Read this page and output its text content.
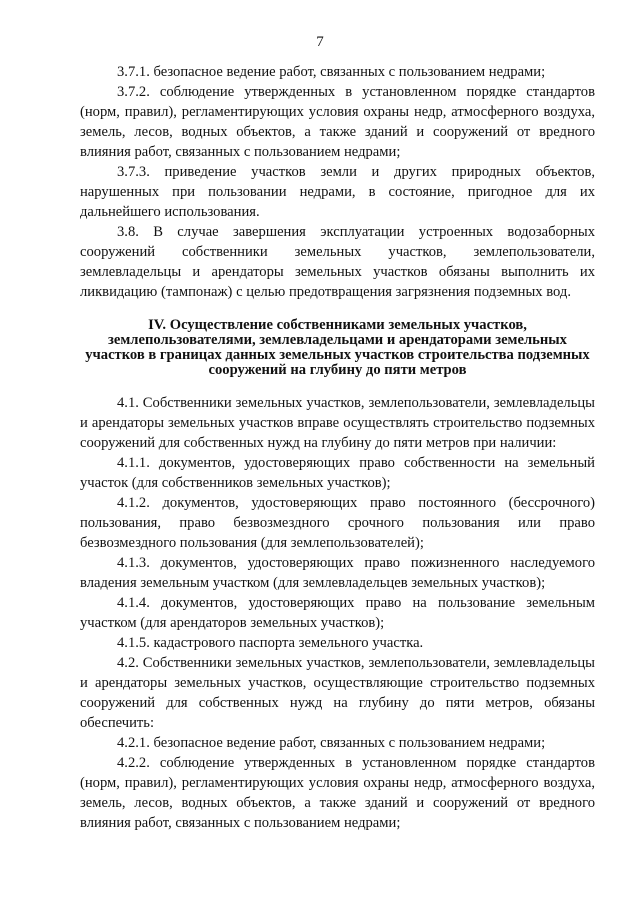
7

3.7.1. безопасное ведение работ, связанных с пользованием недрами;

3.7.2. соблюдение утвержденных в установленном порядке стандартов (норм, правил), регламентирующих условия охраны недр, атмосферного воздуха, земель, лесов, водных объектов, а также зданий и сооружений от вредного влияния работ, связанных с пользованием недрами;

3.7.3. приведение участков земли и других природных объектов, нарушенных при пользовании недрами, в состояние, пригодное для их дальнейшего использования.

3.8. В случае завершения эксплуатации устроенных водозаборных сооружений собственники земельных участков, землепользователи, землевладельцы и арендаторы земельных участков обязаны выполнить их ликвидацию (тампонаж) с целью предотвращения загрязнения подземных вод.

IV. Осуществление собственниками земельных участков, землепользователями, землевладельцами и арендаторами земельных участков в границах данных земельных участков строительства подземных сооружений на глубину до пяти метров

4.1. Собственники земельных участков, землепользователи, землевладельцы и арендаторы земельных участков вправе осуществлять строительство подземных сооружений для собственных нужд на глубину до пяти метров при наличии:

4.1.1. документов, удостоверяющих право собственности на земельный участок (для собственников земельных участков);

4.1.2. документов, удостоверяющих право постоянного (бессрочного) пользования, право безвозмездного срочного пользования или право безвозмездного пользования (для землепользователей);

4.1.3. документов, удостоверяющих право пожизненного наследуемого владения земельным участком (для землевладельцев земельных участков);

4.1.4. документов, удостоверяющих право на пользование земельным участком (для арендаторов земельных участков);

4.1.5. кадастрового паспорта земельного участка.

4.2. Собственники земельных участков, землепользователи, землевладельцы и арендаторы земельных участков, осуществляющие строительство подземных сооружений для собственных нужд на глубину до пяти метров, обязаны обеспечить:

4.2.1. безопасное ведение работ, связанных с пользованием недрами;

4.2.2. соблюдение утвержденных в установленном порядке стандартов (норм, правил), регламентирующих условия охраны недр, атмосферного воздуха, земель, лесов, водных объектов, а также зданий и сооружений от вредного влияния работ, связанных с пользованием недрами;
